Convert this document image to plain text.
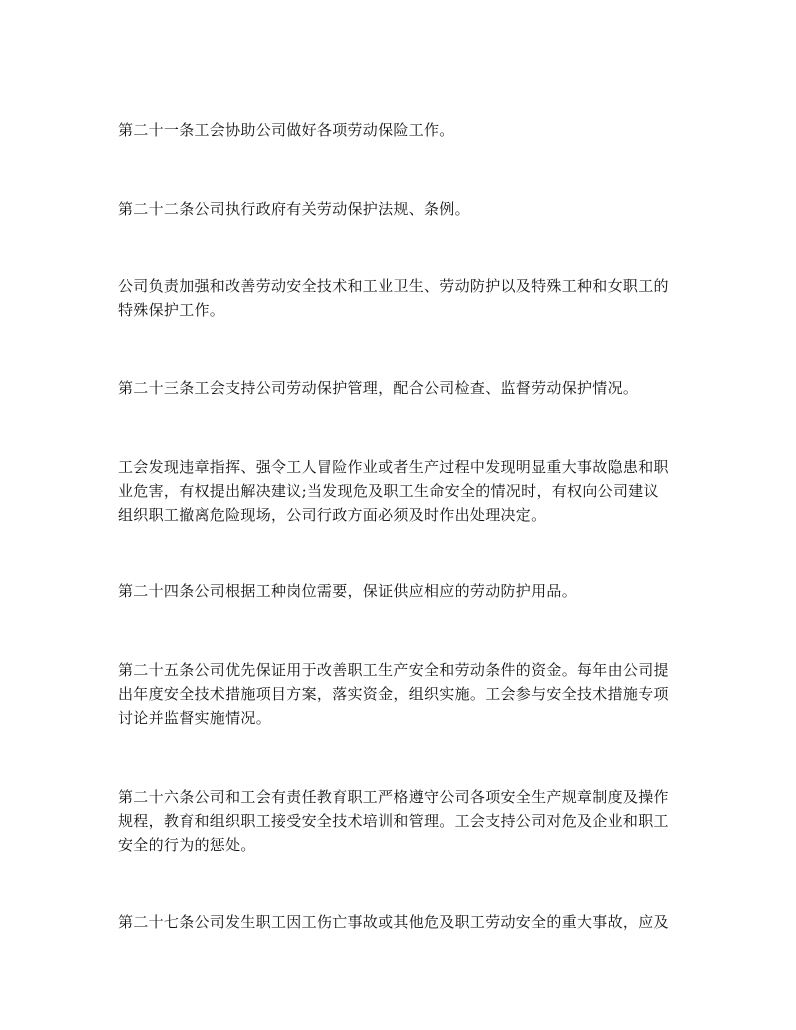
第二十一条工会协助公司做好各项劳动保险工作。

第二十二条公司执行政府有关劳动保护法规、条例。

公司负责加强和改善劳动安全技术和工业卫生、劳动防护以及特殊工种和女职工的
特殊保护工作。

第二十三条工会支持公司劳动保护管理，配合公司检查、监督劳动保护情况。

工会发现违章指挥、强令工人冒险作业或者生产过程中发现明显重大事故隐患和职
业危害，有权提出解决建议;当发现危及职工生命安全的情况时，有权向公司建议
组织职工撤离危险现场，公司行政方面必须及时作出处理决定。

第二十四条公司根据工种岗位需要，保证供应相应的劳动防护用品。

第二十五条公司优先保证用于改善职工生产安全和劳动条件的资金。每年由公司提
出年度安全技术措施项目方案，落实资金，组织实施。工会参与安全技术措施专项
讨论并监督实施情况。

第二十六条公司和工会有责任教育职工严格遵守公司各项安全生产规章制度及操作
规程，教育和组织职工接受安全技术培训和管理。工会支持公司对危及企业和职工
安全的行为的惩处。

第二十七条公司发生职工因工伤亡事故或其他危及职工劳动安全的重大事故，应及
